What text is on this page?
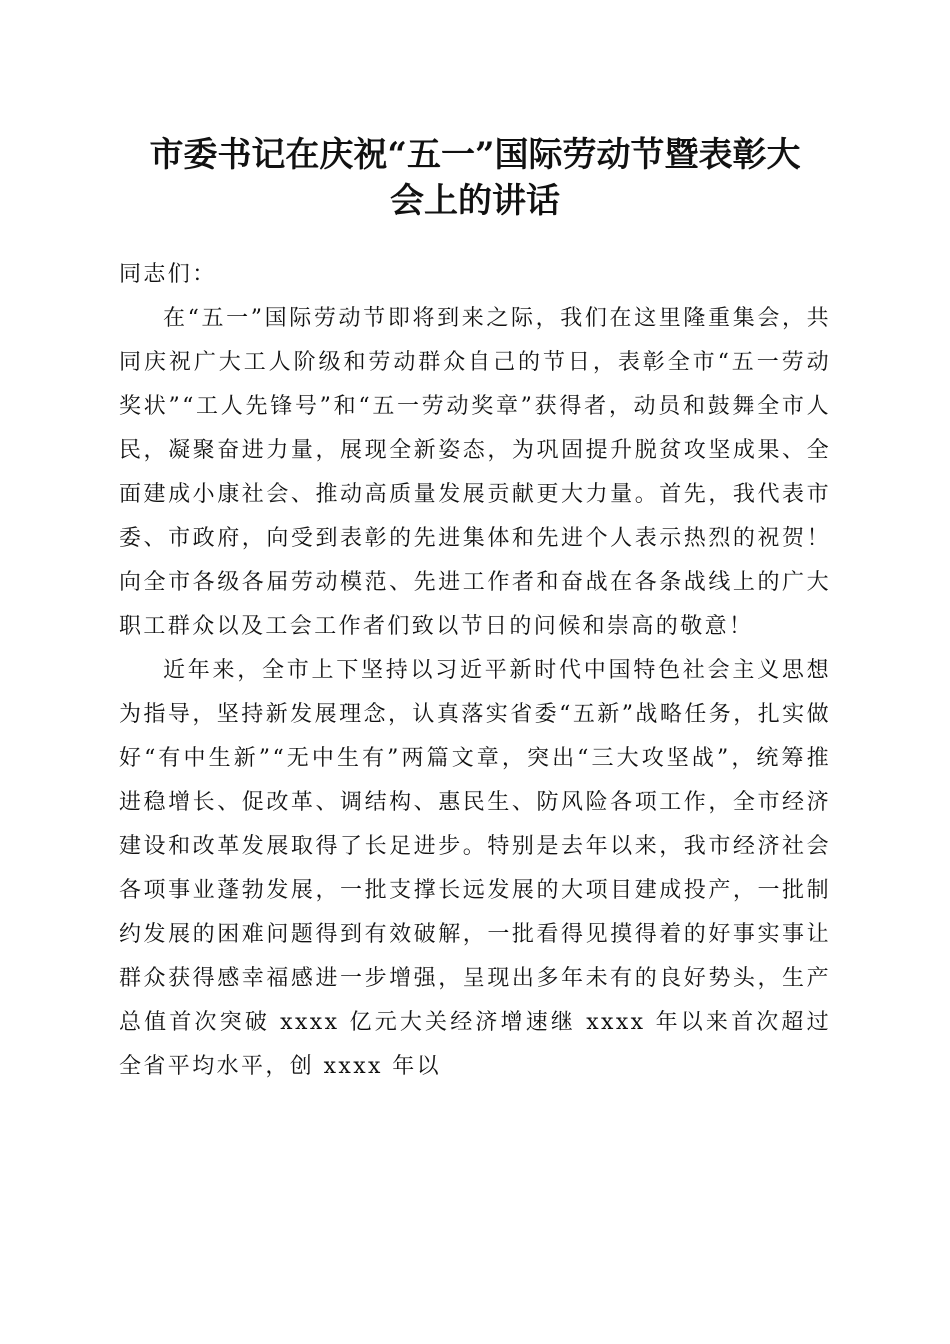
市委书记在庆祝“五一”国际劳动节暨表彰大
会上的讲话

同志们：

在“五一”国际劳动节即将到来之际，我们在这里隆重集会，共同庆祝广大工人阶级和劳动群众自己的节日，表彰全市“五一劳动奖状”“工人先锋号”和“五一劳动奖章”获得者，动员和鼓舞全市人民，凝聚奋进力量，展现全新姿态，为巩固提升脱贫攻坚成果、全面建成小康社会、推动高质量发展贡献更大力量。首先，我代表市委、市政府，向受到表彰的先进集体和先进个人表示热烈的祝贺！向全市各级各届劳动模范、先进工作者和奋战在各条战线上的广大职工群众以及工会工作者们致以节日的问候和崇高的敬意！

近年来，全市上下坚持以习近平新时代中国特色社会主义思想为指导，坚持新发展理念，认真落实省委“五新”战略任务，扎实做好“有中生新”“无中生有”两篇文章，突出“三大攻坚战”，统筹推进稳增长、促改革、调结构、惠民生、防风险各项工作，全市经济建设和改革发展取得了长足进步。特别是去年以来，我市经济社会各项事业蓬勃发展，一批支撑长远发展的大项目建成投产，一批制约发展的困难问题得到有效破解，一批看得见摸得着的好事实事让群众获得感幸福感进一步增强，呈现出多年未有的良好势头，生产总值首次突破 xxxx 亿元大关经济增速继 xxxx 年以来首次超过全省平均水平，创 xxxx 年以
